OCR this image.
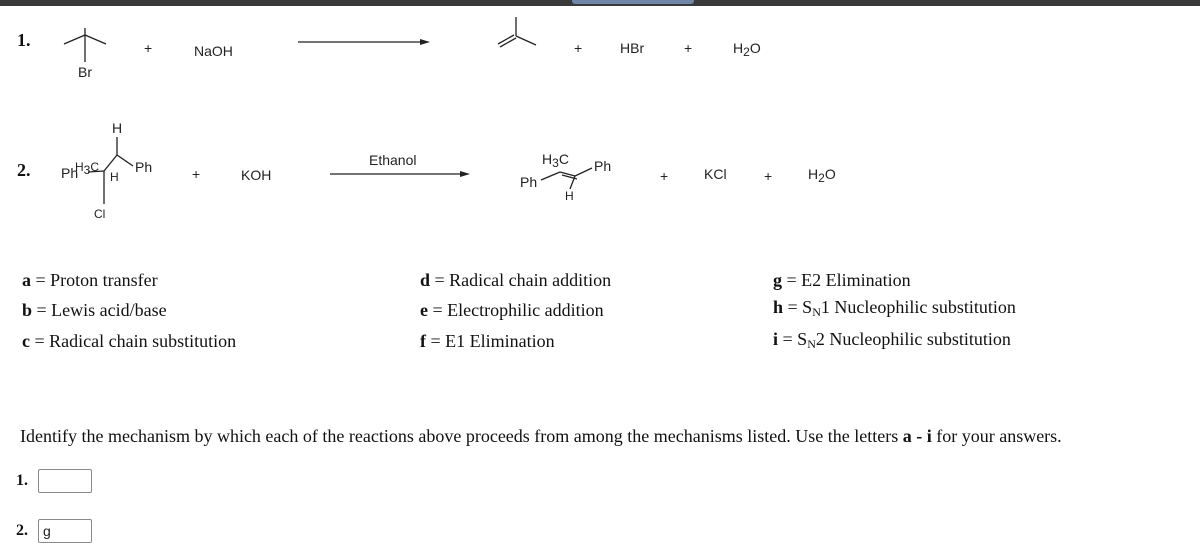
1.
Br
+	NaOH	+	HBr	+	H2O
2.
H
Ph
H3C
H
Ph
Cl
+	KOH
Ethanol	H3C
Ph
Ph
H
+	KCl	+	H2O
a = Proton transfer
b = Lewis acid/base
c = Radical chain substitution
d = Radical chain addition
e = Electrophilic addition
f = E1 Elimination
g = E2 Elimination
$h = S_N1$ Nucleophilic substitution
$i = S_N2$ Nucleophilic substitution
Identify the mechanism by which each of the reactions above proceeds from among the mechanisms listed. Use the letters a - i for your answers.
1.
2.
g
